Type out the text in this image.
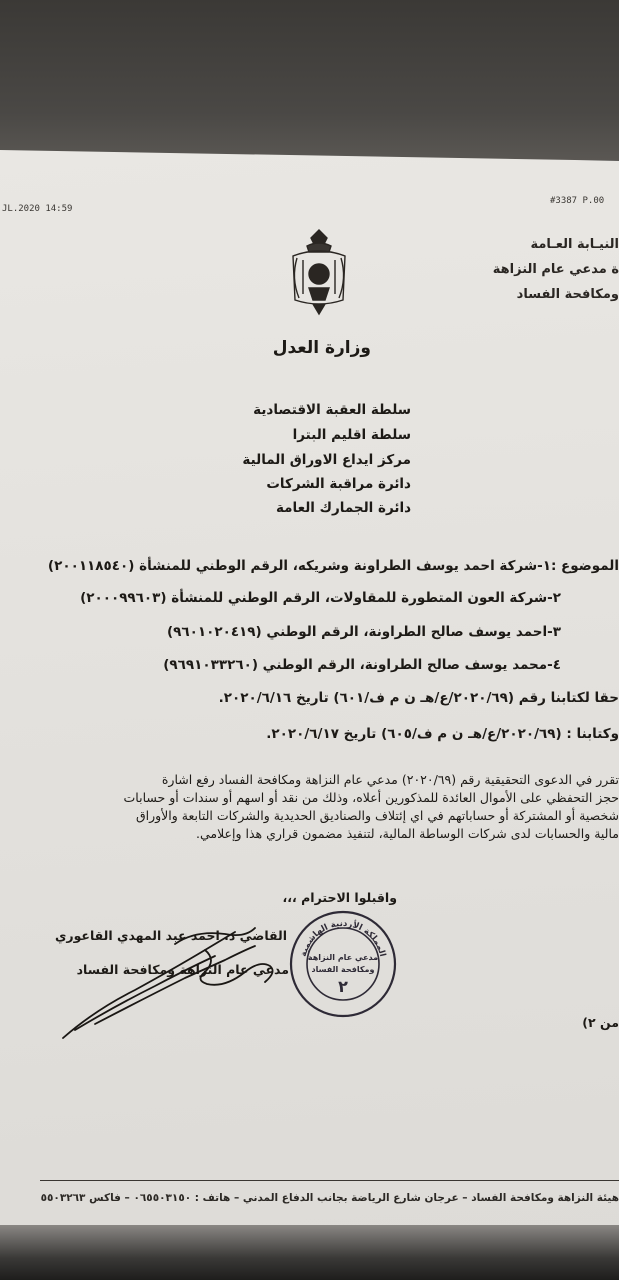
JL.2020 14:59
#3387 P.00
النيـابة العـامة
ة مدعي عام النزاهة
ومكافحة الفساد
وزارة العدل
سلطة العقبة الاقتصادية
سلطة اقليم البترا
مركز ايداع الاوراق المالية
دائرة مراقبة الشركات
دائرة الجمارك العامة
الموضوع :
١-شركة احمد يوسف الطراونة وشريكه، الرقم الوطني للمنشأة (٢٠٠١١٨٥٤٠)
٢-شركة العون المتطورة للمقاولات، الرقم الوطني للمنشأة (٢٠٠٠٩٩٦٠٣)
٣-احمد يوسف صالح الطراونة، الرقم الوطني (٩٦٠١٠٢٠٤١٩)
٤-محمد يوسف صالح الطراونة، الرقم الوطني (٩٦٩١٠٣٣٢٦٠)
حقا لكتابنا رقم (٢٠٢٠/٦٩/ع/هـ ن م ف/٦٠١) تاريخ ٢٠٢٠/٦/١٦.
وكتابنا : (٢٠٢٠/٦٩/ع/هـ ن م ف/٦٠٥) تاريخ ٢٠٢٠/٦/١٧.
تقرر في الدعوى التحقيقية رقم (٢٠٢٠/٦٩) مدعي عام النزاهة ومكافحة الفساد رفع اشارة
حجز التحفظي على الأموال العائدة للمذكورين أعلاه، وذلك من نقد أو اسهم أو سندات أو حسابات
شخصية أو المشتركة أو حساباتهم في اي إئتلاف والصناديق الحديدية والشركات التابعة والأوراق
مالية والحسابات لدى شركات الوساطة المالية، لتنفيذ مضمون قراري هذا وإعلامي.
واقبلوا الاحترام ،،،
القاضي د. احمد عبد المهدي القاعوري
مدعي عام النزاهة ومكافحة الفساد
المملكة الأردنية الهاشمية
مدعي عام النزاهة
ومكافحة الفساد
٢
من ٢)
هيئة النزاهة ومكافحة الفساد – عرجان شارع الرياضة بجانب الدفاع المدني – هاتف : ٠٦٥٥٠٣١٥٠ – فاكس ٥٥٠٣٢٦٣
